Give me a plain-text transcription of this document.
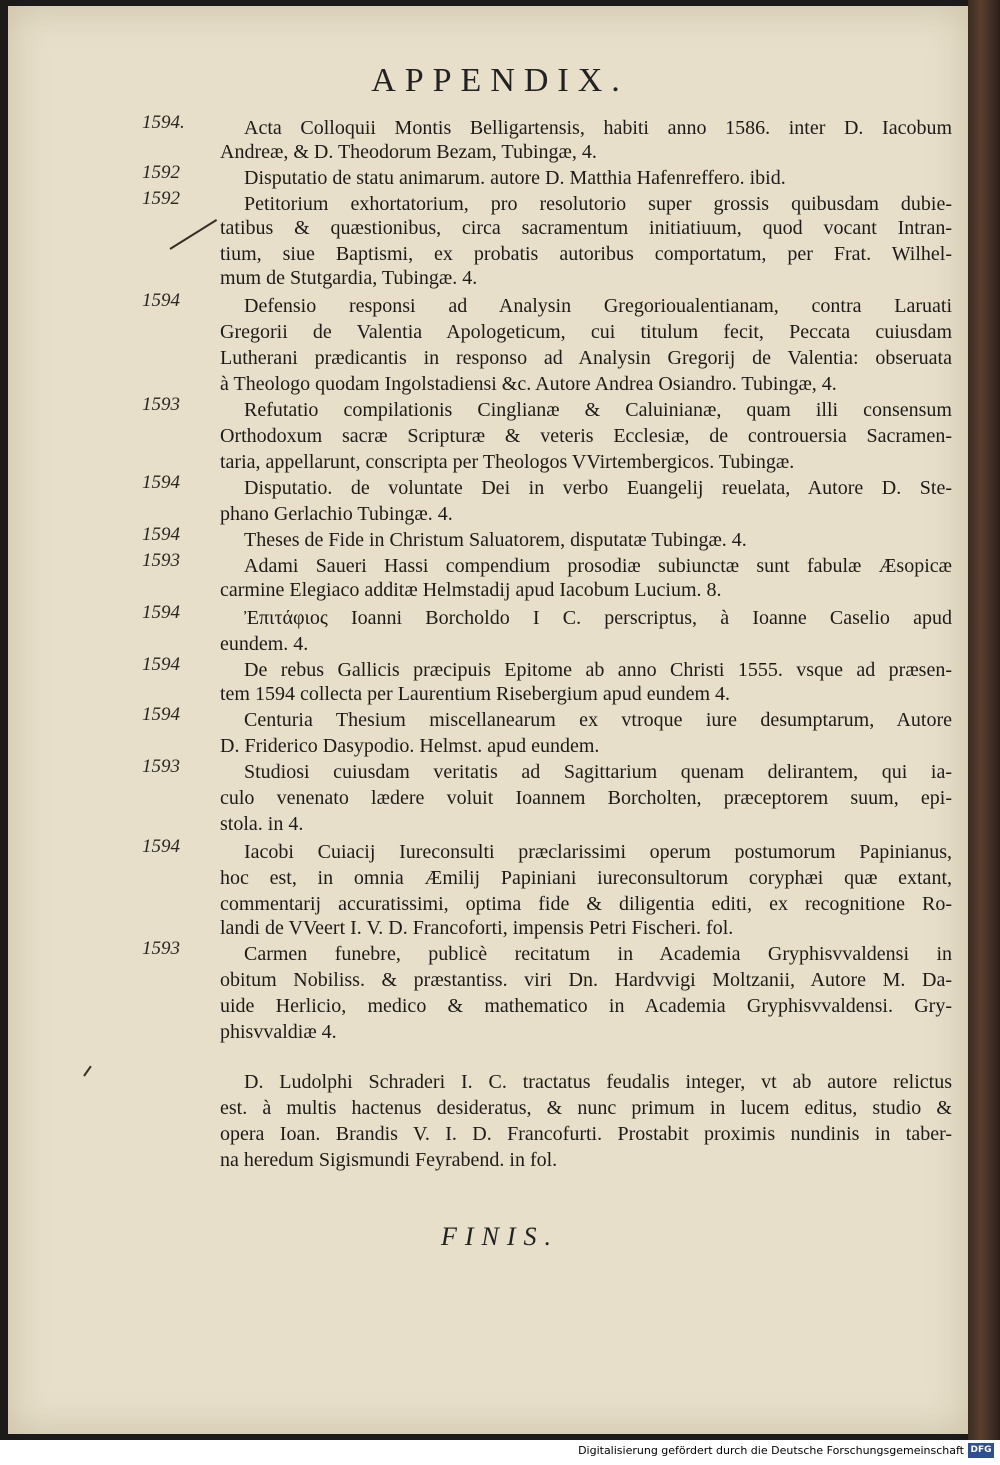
APPENDIX.
1594.	Acta Colloquii Montis Belligartensis, habiti anno 1586. inter D. Iacobum
Andreæ, & D. Theodorum Bezam, Tubingæ, 4.
1592	Disputatio de statu animarum. autore D. Matthia Hafenreffero. ibid.
1592	Petitorium exhortatorium, pro resolutorio super grossis quibusdam dubie-
tatibus & quæstionibus, circa sacramentum initiatiuum, quod vocant Intran-
tium, siue Baptismi, ex probatis autoribus comportatum, per Frat. Wilhel-
mum de Stutgardia, Tubingæ. 4.
1594	Defensio responsi ad Analysin Gregorioualentianam, contra Laruati
Gregorii de Valentia Apologeticum, cui titulum fecit, Peccata cuiusdam
Lutherani prædicantis in responso ad Analysin Gregorij de Valentia: obseruata
à Theologo quodam Ingolstadiensi &c. Autore Andrea Osiandro. Tubingæ, 4.
1593	Refutatio compilationis Cinglianæ & Caluinianæ, quam illi consensum
Orthodoxum sacræ Scripturæ & veteris Ecclesiæ, de controuersia Sacramen-
taria, appellarunt, conscripta per Theologos VVirtembergicos. Tubingæ.
1594	Disputatio. de voluntate Dei in verbo Euangelij reuelata, Autore D. Ste-
phano Gerlachio Tubingæ. 4.
1594	Theses de Fide in Christum Saluatorem, disputatæ Tubingæ. 4.
1593	Adami Saueri Hassi compendium prosodiæ subiunctæ sunt fabulæ Æsopicæ
carmine Elegiaco additæ Helmstadij apud Iacobum Lucium. 8.
1594	Ἐπιτάφιος Ioanni Borcholdo I C. perscriptus, à Ioanne Caselio apud
eundem. 4.
1594	De rebus Gallicis præcipuis Epitome ab anno Christi 1555. vsque ad præsen-
tem 1594 collecta per Laurentium Risebergium apud eundem 4.
1594	Centuria Thesium miscellanearum ex vtroque iure desumptarum, Autore
D. Friderico Dasypodio. Helmst. apud eundem.
1593	Studiosi cuiusdam veritatis ad Sagittarium quenam delirantem, qui ia-
culo venenato lædere voluit Ioannem Borcholten, præceptorem suum, epi-
stola. in 4.
1594	Iacobi Cuiacij Iureconsulti præclarissimi operum postumorum Papinianus,
hoc est, in omnia Æmilij Papiniani iureconsultorum coryphæi quæ extant,
commentarij accuratissimi, optima fide & diligentia editi, ex recognitione Ro-
landi de VVeert I. V. D. Francoforti, impensis Petri Fischeri. fol.
1593	Carmen funebre, publicè recitatum in Academia Gryphisvvaldensi in
obitum Nobiliss. & præstantiss. viri Dn. Hardvvigi Moltzanii, Autore M. Da-
uide Herlicio, medico & mathematico in Academia Gryphisvvaldensi. Gry-
phisvvaldiæ 4.
D. Ludolphi Schraderi I. C. tractatus feudalis integer, vt ab autore relictus
est. à multis hactenus desideratus, & nunc primum in lucem editus, studio &
opera Ioan. Brandis V. I. D. Francofurti. Prostabit proximis nundinis in taber-
na heredum Sigismundi Feyrabend. in fol.
FINIS.
Digitalisierung gefördert durch die Deutsche Forschungsgemeinschaft DFG
